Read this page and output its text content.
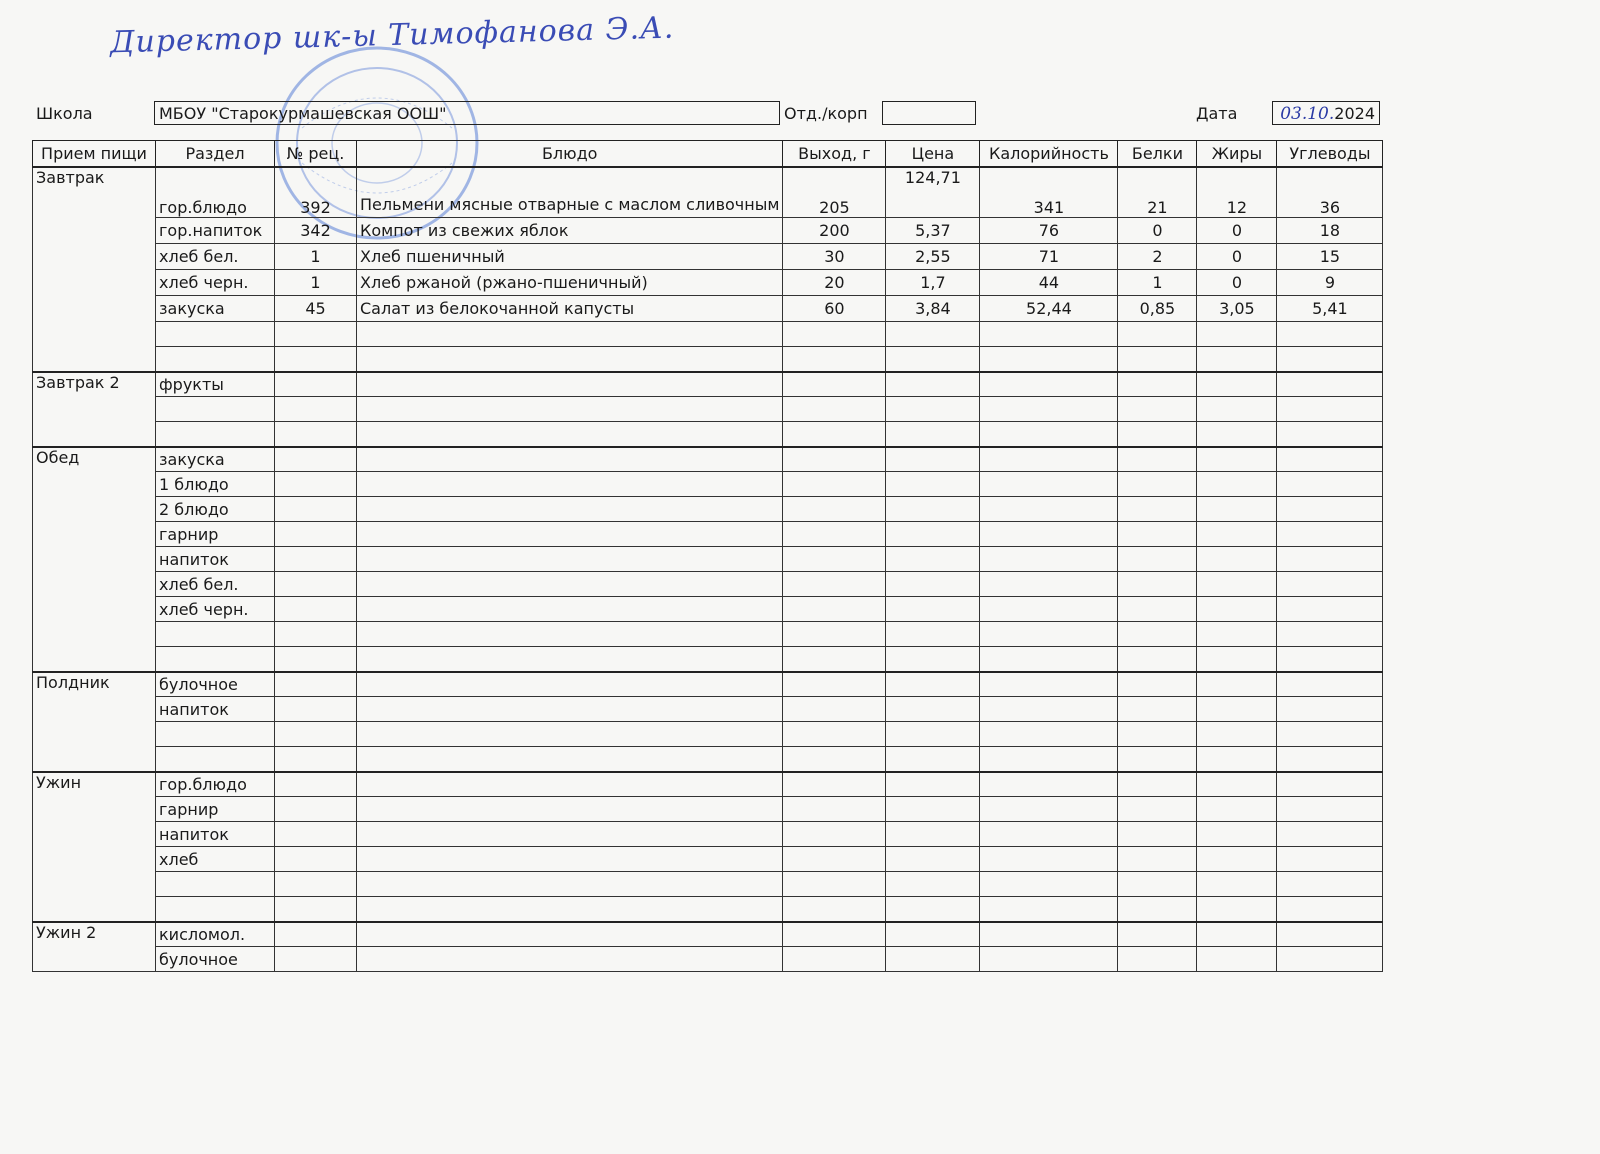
Директор шк-ы Тимофанова Э.А.
Школа	МБОУ "Старокурмашевская ООШ"	Отд./корп	Дата	03.10.2024
Прием пищи	Раздел	№ рец.	Блюдо	Выход, г	Цена	Калорийность	Белки	Жиры	Углеводы
Завтрак	гор.блюдо	392	Пельмени мясные отварные с маслом сливочным	205	124,71	341	21	12	36
	гор.напиток	342	Компот из свежих яблок	200	5,37	76	0	0	18
	хлеб бел.	1	Хлеб пшеничный	30	2,55	71	2	0	15
	хлеб черн.	1	Хлеб ржаной (ржано-пшеничный)	20	1,7	44	1	0	9
	закуска	45	Салат из белокочанной капусты	60	3,84	52,44	0,85	3,05	5,41

Завтрак 2	фрукты								

Обед	закуска								
	1 блюдо								
	2 блюдо								
	гарнир								
	напиток								
	хлеб бел.								
	хлеб черн.								

Полдник	булочное								
	напиток								

Ужин	гор.блюдо								
	гарнир								
	напиток								
	хлеб								

Ужин 2	кисломол.								
	булочное								
